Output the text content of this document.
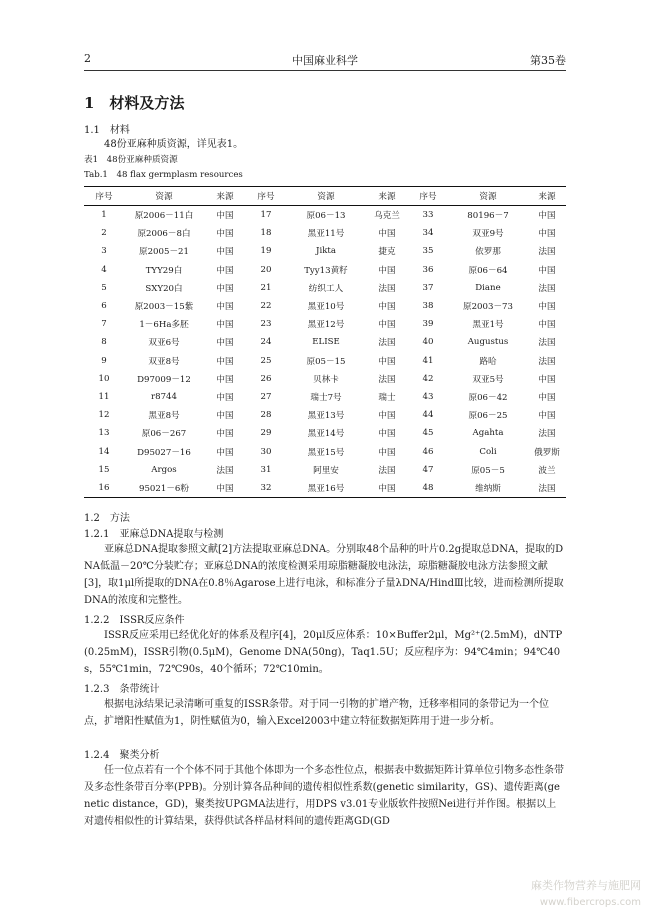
2	中国麻业科学	第35卷
1　材料及方法
1.1　材料

48份亚麻种质资源，详见表1。

表1　48份亚麻种质资源
Tab.1　48 flax germplasm resources
序号	资源	来源	序号	资源	来源	序号	资源	来源
1	原2006－11白	中国	17	原06－13	乌克兰	33	80196－7	中国
2	原2006－8白	中国	18	黑亚11号	中国	34	双亚9号	中国
3	原2005－21	中国	19	Jikta	捷克	35	依罗那	法国
4	TYY29白	中国	20	Tyy13黄籽	中国	36	原06－64	中国
5	SXY20白	中国	21	纺织工人	法国	37	Diane	法国
6	原2003－15紫	中国	22	黑亚10号	中国	38	原2003－73	中国
7	1－6Ha多胚	中国	23	黑亚12号	中国	39	黑亚1号	中国
8	双亚6号	中国	24	ELISE	法国	40	Augustus	法国
9	双亚8号	中国	25	原05－15	中国	41	路哈	法国
10	D97009－12	中国	26	贝林卡	法国	42	双亚5号	中国
11	r8744	中国	27	瑞士7号	瑞士	43	原06－42	中国
12	黑亚8号	中国	28	黑亚13号	中国	44	原06－25	中国
13	原06－267	中国	29	黑亚14号	中国	45	Agahta	法国
14	D95027－16	中国	30	黑亚15号	中国	46	Coli	俄罗斯
15	Argos	法国	31	阿里安	法国	47	原05－5	波兰
16	95021－6粉	中国	32	黑亚16号	中国	48	维纳斯	法国
1.2　方法
1.2.1　亚麻总DNA提取与检测

亚麻总DNA提取参照文献[2]方法提取亚麻总DNA。分别取48个品种的叶片0.2g提取总DNA，提取的DNA低温－20℃分装贮存；亚麻总DNA的浓度检测采用琼脂糖凝胶电泳法，琼脂糖凝胶电泳方法参照文献[3]，取1μl所提取的DNA在0.8％Agarose上进行电泳，和标准分子量λDNA/HindⅢ比较，进而检测所提取DNA的浓度和完整性。

1.2.2　ISSR反应条件

ISSR反应采用已经优化好的体系及程序[4]，20μl反应体系：10×Buffer2μl，Mg²⁺(2.5mM)，dNTP(0.25mM)，ISSR引物(0.5μM)，Genome DNA(50ng)，Taq1.5U；反应程序为：94℃4min；94℃40s，55℃1min，72℃90s，40个循环；72℃10min。

1.2.3　条带统计

根据电泳结果记录清晰可重复的ISSR条带。对于同一引物的扩增产物，迁移率相同的条带记为一个位点，扩增阳性赋值为1，阴性赋值为0，输入Excel2003中建立特征数据矩阵用于进一步分析。

1.2.4　聚类分析

任一位点若有一个个体不同于其他个体即为一个多态性位点，根据表中数据矩阵计算单位引物多态性条带及多态性条带百分率(PPB)。分别计算各品种间的遗传相似性系数(genetic similarity，GS)、遗传距离(genetic distance，GD)，聚类按UPGMA法进行，用DPS v3.01专业版软件按照Nei进行并作图。根据以上对遗传相似性的计算结果，获得供试各样品材料间的遗传距离GD(GD

麻类作物营养与施肥网
www.fibercrops.com
